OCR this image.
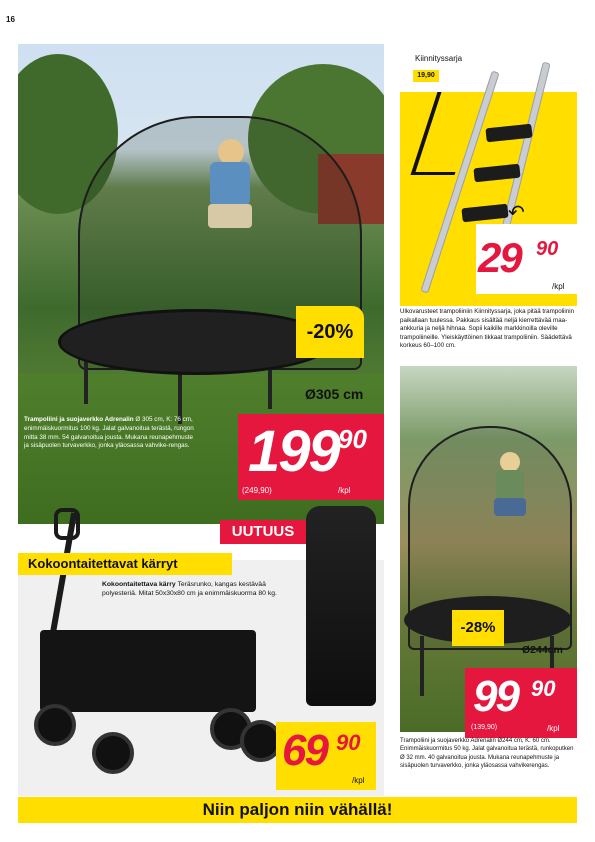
16
Trampoliini ja suojaverkko Adrenalin Ø 305 cm, K: 76 cm, enimmäiskuormitus 100 kg. Jalat galvanoitua terästä, rungon mitta 38 mm. 54 galvanoitua jousta. Mukana reunapehmuste ja sisäpuolen turvaverkko, jonka yläosassa vahvike-rengas.
-20%
Ø305 cm
199 90
(249,90)	/kpl
Kiinnityssarja
19,90
↶
29 90
/kpl
Ulkovarusteet trampoliiniin Kiinnityssarja, joka pitää trampoliinin paikallaan tuulessa. Pakkaus sisältää neljä kierrettävää maa-ankkuria ja neljä hihnaa. Sopii kaikille markkinoilla oleville trampoliineille. Yleiskäyttöinen tikkaat trampoliiniin. Säädettävä korkeus 60–100 cm.
-28%
Ø244cm
99 90
(139,90)	/kpl
Trampoliini ja suojaverkko Adrenalin Ø244 cm, K: 60 cm. Enimmäiskuormitus 50 kg. Jalat galvanoitua terästä, runkoputken Ø 32 mm. 40 galvanoitua jousta. Mukana reunapehmuste ja sisäpuolen turvaverkko, jonka yläosassa vahvikerengas.
UUTUUS
Kokoontaitettavat kärryt
Kokoontaitettava kärry Teräsrunko, kangas kestävää polyesteriä. Mitat 50x30x80 cm ja enimmäiskuorma 80 kg.
69 90
/kpl
Niin paljon niin vähällä!
